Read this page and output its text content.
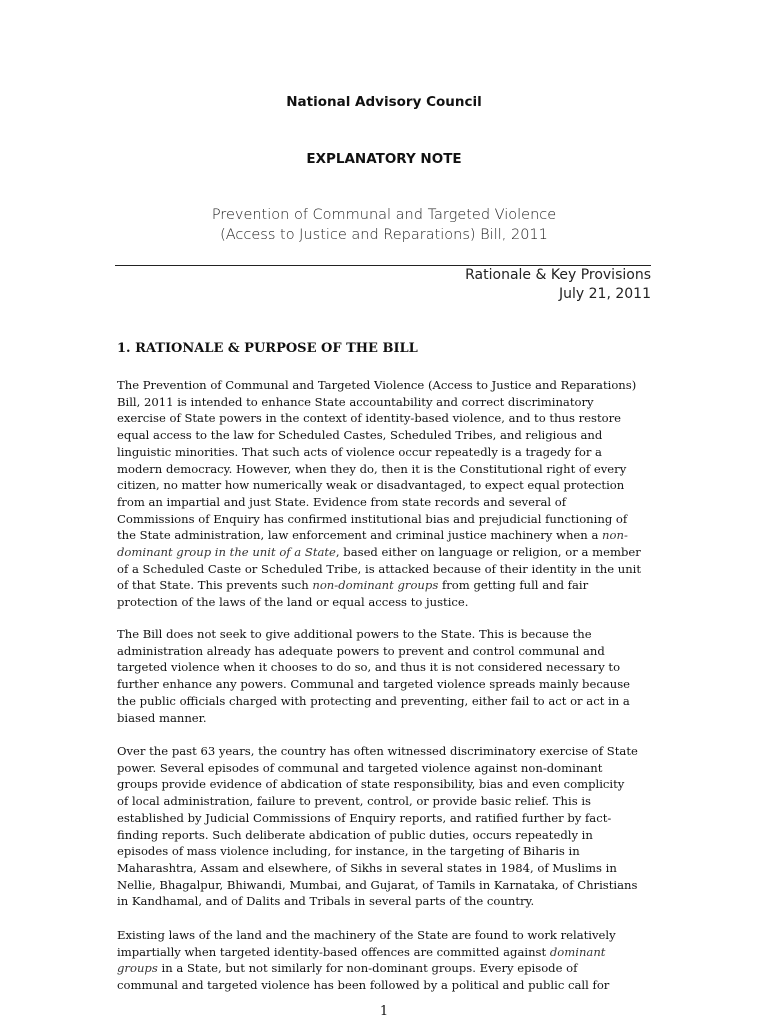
National Advisory Council
EXPLANATORY NOTE
Prevention of Communal and Targeted Violence
(Access to Justice and Reparations) Bill, 2011
Rationale & Key Provisions
July 21, 2011
1. RATIONALE & PURPOSE OF THE BILL
The Prevention of Communal and Targeted Violence (Access to Justice and Reparations)
Bill, 2011 is intended to enhance State accountability and correct discriminatory
exercise of State powers in the context of identity-based violence, and to thus restore
equal access to the law for Scheduled Castes, Scheduled Tribes, and religious and
linguistic minorities. That such acts of violence occur repeatedly is a tragedy for a
modern democracy. However, when they do, then it is the Constitutional right of every
citizen, no matter how numerically weak or disadvantaged, to expect equal protection
from an impartial and just State. Evidence from state records and several of
Commissions of Enquiry has confirmed institutional bias and prejudicial functioning of
the State administration, law enforcement and criminal justice machinery when a non-
dominant group in the unit of a State, based either on language or religion, or a member
of a Scheduled Caste or Scheduled Tribe, is attacked because of their identity in the unit
of that State. This prevents such non-dominant groups from getting full and fair
protection of the laws of the land or equal access to justice.
The Bill does not seek to give additional powers to the State. This is because the
administration already has adequate powers to prevent and control communal and
targeted violence when it chooses to do so, and thus it is not considered necessary to
further enhance any powers. Communal and targeted violence spreads mainly because
the public officials charged with protecting and preventing, either fail to act or act in a
biased manner.
Over the past 63 years, the country has often witnessed discriminatory exercise of State
power. Several episodes of communal and targeted violence against non-dominant
groups provide evidence of abdication of state responsibility, bias and even complicity
of local administration, failure to prevent, control, or provide basic relief. This is
established by Judicial Commissions of Enquiry reports, and ratified further by fact-
finding reports. Such deliberate abdication of public duties, occurs repeatedly in
episodes of mass violence including, for instance, in the targeting of Biharis in
Maharashtra, Assam and elsewhere, of Sikhs in several states in 1984, of Muslims in
Nellie, Bhagalpur, Bhiwandi, Mumbai, and Gujarat, of Tamils in Karnataka, of Christians
in Kandhamal, and of Dalits and Tribals in several parts of the country.
Existing laws of the land and the machinery of the State are found to work relatively
impartially when targeted identity-based offences are committed against dominant
groups in a State, but not similarly for non-dominant groups. Every episode of
communal and targeted violence has been followed by a political and public call for
1
